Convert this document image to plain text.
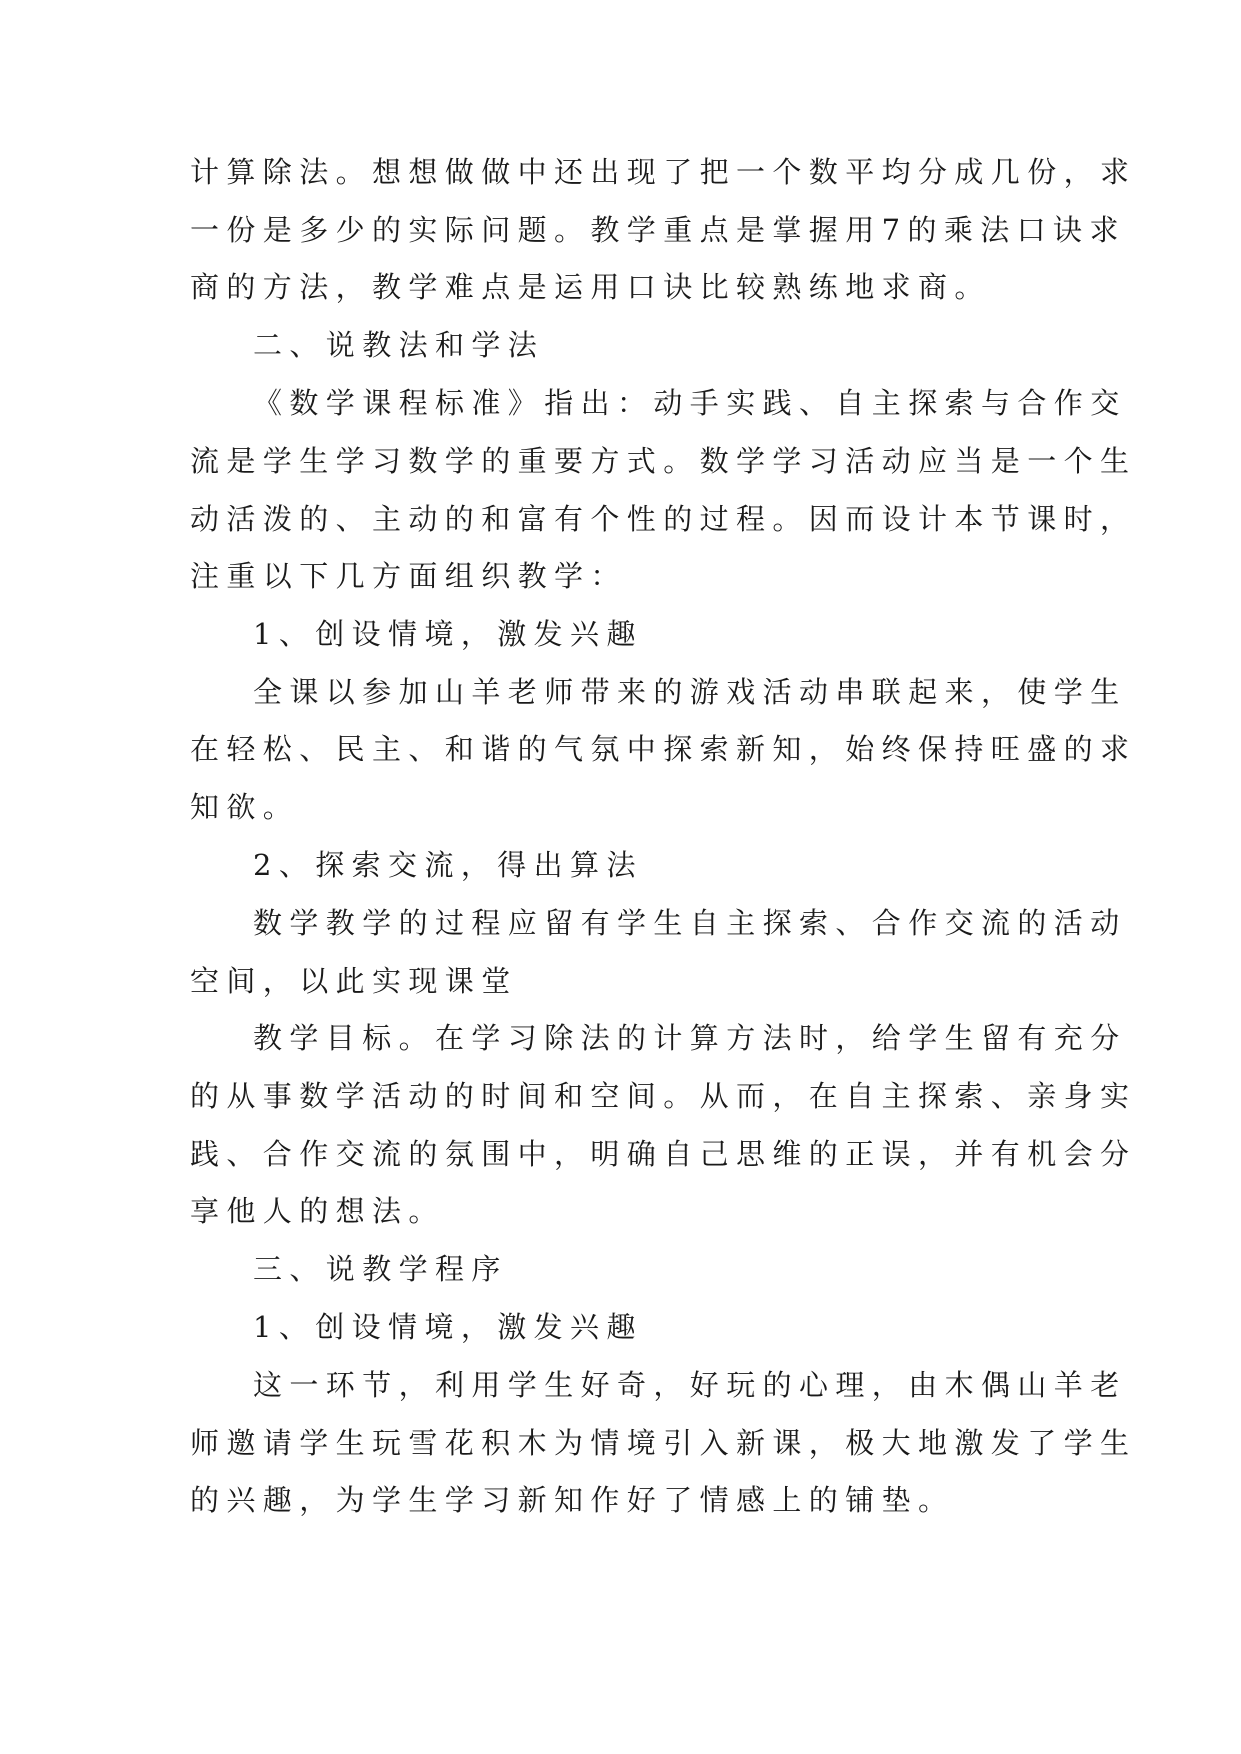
计算除法。想想做做中还出现了把一个数平均分成几份，求

一份是多少的实际问题。教学重点是掌握用7的乘法口诀求

商的方法，教学难点是运用口诀比较熟练地求商。

二、说教法和学法

《数学课程标准》指出：动手实践、自主探索与合作交

流是学生学习数学的重要方式。数学学习活动应当是一个生

动活泼的、主动的和富有个性的过程。因而设计本节课时，

注重以下几方面组织教学：

1、创设情境，激发兴趣

全课以参加山羊老师带来的游戏活动串联起来，使学生

在轻松、民主、和谐的气氛中探索新知，始终保持旺盛的求

知欲。

2、探索交流，得出算法

数学教学的过程应留有学生自主探索、合作交流的活动

空间，以此实现课堂

教学目标。在学习除法的计算方法时，给学生留有充分

的从事数学活动的时间和空间。从而，在自主探索、亲身实

践、合作交流的氛围中，明确自己思维的正误，并有机会分

享他人的想法。

三、说教学程序

1、创设情境，激发兴趣

这一环节，利用学生好奇，好玩的心理，由木偶山羊老

师邀请学生玩雪花积木为情境引入新课，极大地激发了学生

的兴趣，为学生学习新知作好了情感上的铺垫。
